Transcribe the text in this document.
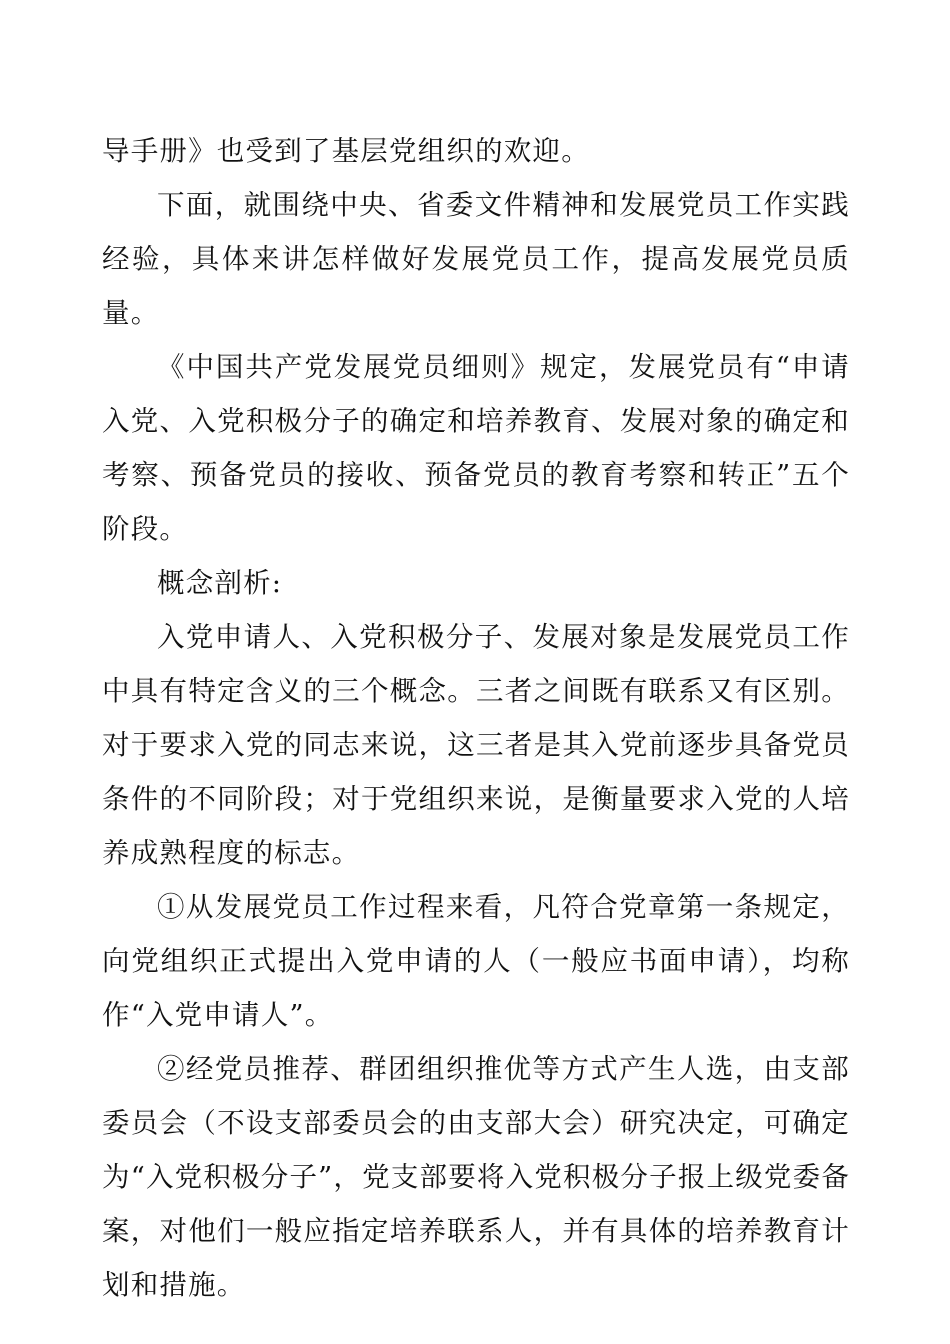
导手册》也受到了基层党组织的欢迎。

下面，就围绕中央、省委文件精神和发展党员工作实践经验，具体来讲怎样做好发展党员工作，提高发展党员质量。

《中国共产党发展党员细则》规定，发展党员有“申请入党、入党积极分子的确定和培养教育、发展对象的确定和考察、预备党员的接收、预备党员的教育考察和转正”五个阶段。

概念剖析:

入党申请人、入党积极分子、发展对象是发展党员工作中具有特定含义的三个概念。三者之间既有联系又有区别。对于要求入党的同志来说，这三者是其入党前逐步具备党员条件的不同阶段；对于党组织来说，是衡量要求入党的人培养成熟程度的标志。

①从发展党员工作过程来看，凡符合党章第一条规定，向党组织正式提出入党申请的人（一般应书面申请），均称作“入党申请人”。

②经党员推荐、群团组织推优等方式产生人选，由支部委员会（不设支部委员会的由支部大会）研究决定，可确定为“入党积极分子”，党支部要将入党积极分子报上级党委备案，对他们一般应指定培养联系人，并有具体的培养教育计划和措施。
